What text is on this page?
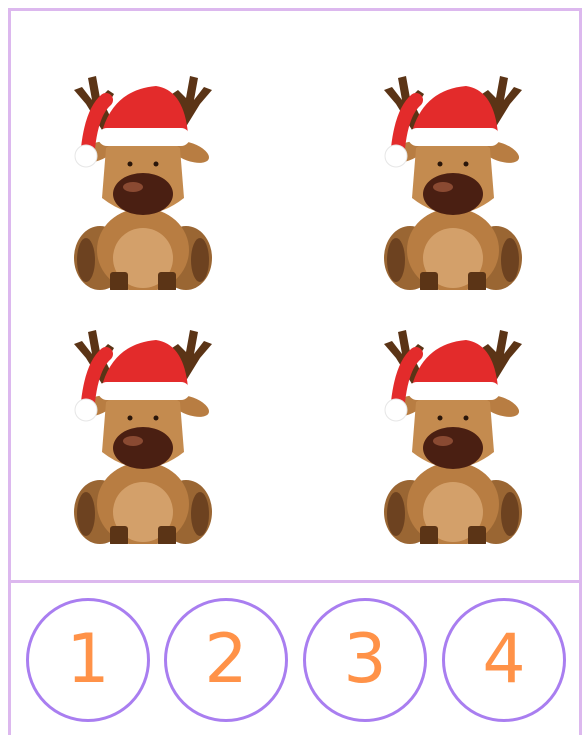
1 2 3 4
